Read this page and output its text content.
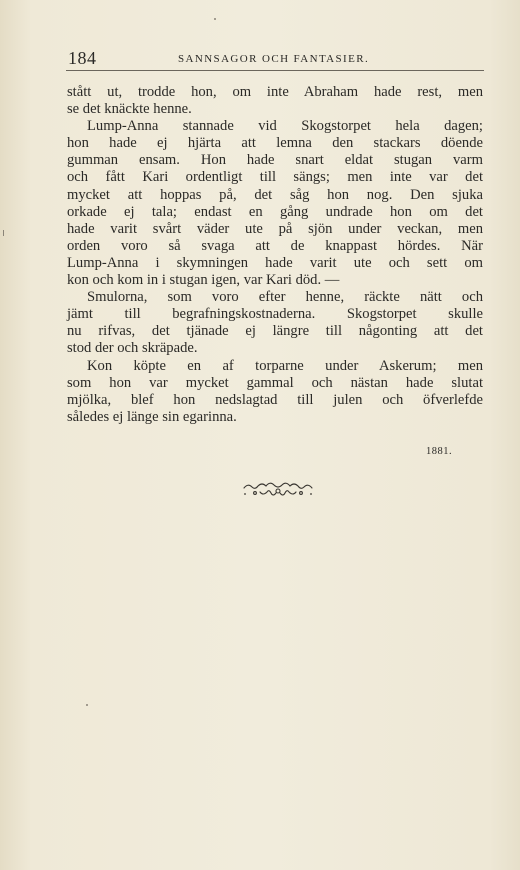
184	SANNSAGOR OCH FANTASIER.
stått ut, trodde hon, om inte Abraham hade rest, men
se det knäckte henne.
Lump-Anna stannade vid Skogstorpet hela dagen;
hon hade ej hjärta att lemna den stackars döende
gumman ensam. Hon hade snart eldat stugan varm
och fått Kari ordentligt till sängs; men inte var det
mycket att hoppas på, det såg hon nog. Den sjuka
orkade ej tala; endast en gång undrade hon om det
hade varit svårt väder ute på sjön under veckan, men
orden voro så svaga att de knappast hördes. När
Lump-Anna i skymningen hade varit ute och sett om
kon och kom in i stugan igen, var Kari död. —
Smulorna, som voro efter henne, räckte nätt och
jämt till begrafningskostnaderna. Skogstorpet skulle
nu rifvas, det tjänade ej längre till någonting att det
stod der och skräpade.
Kon köpte en af torparne under Askerum; men
som hon var mycket gammal och nästan hade slutat
mjölka, blef hon nedslagtad till julen och öfverlefde
således ej länge sin egarinna.
1881.
